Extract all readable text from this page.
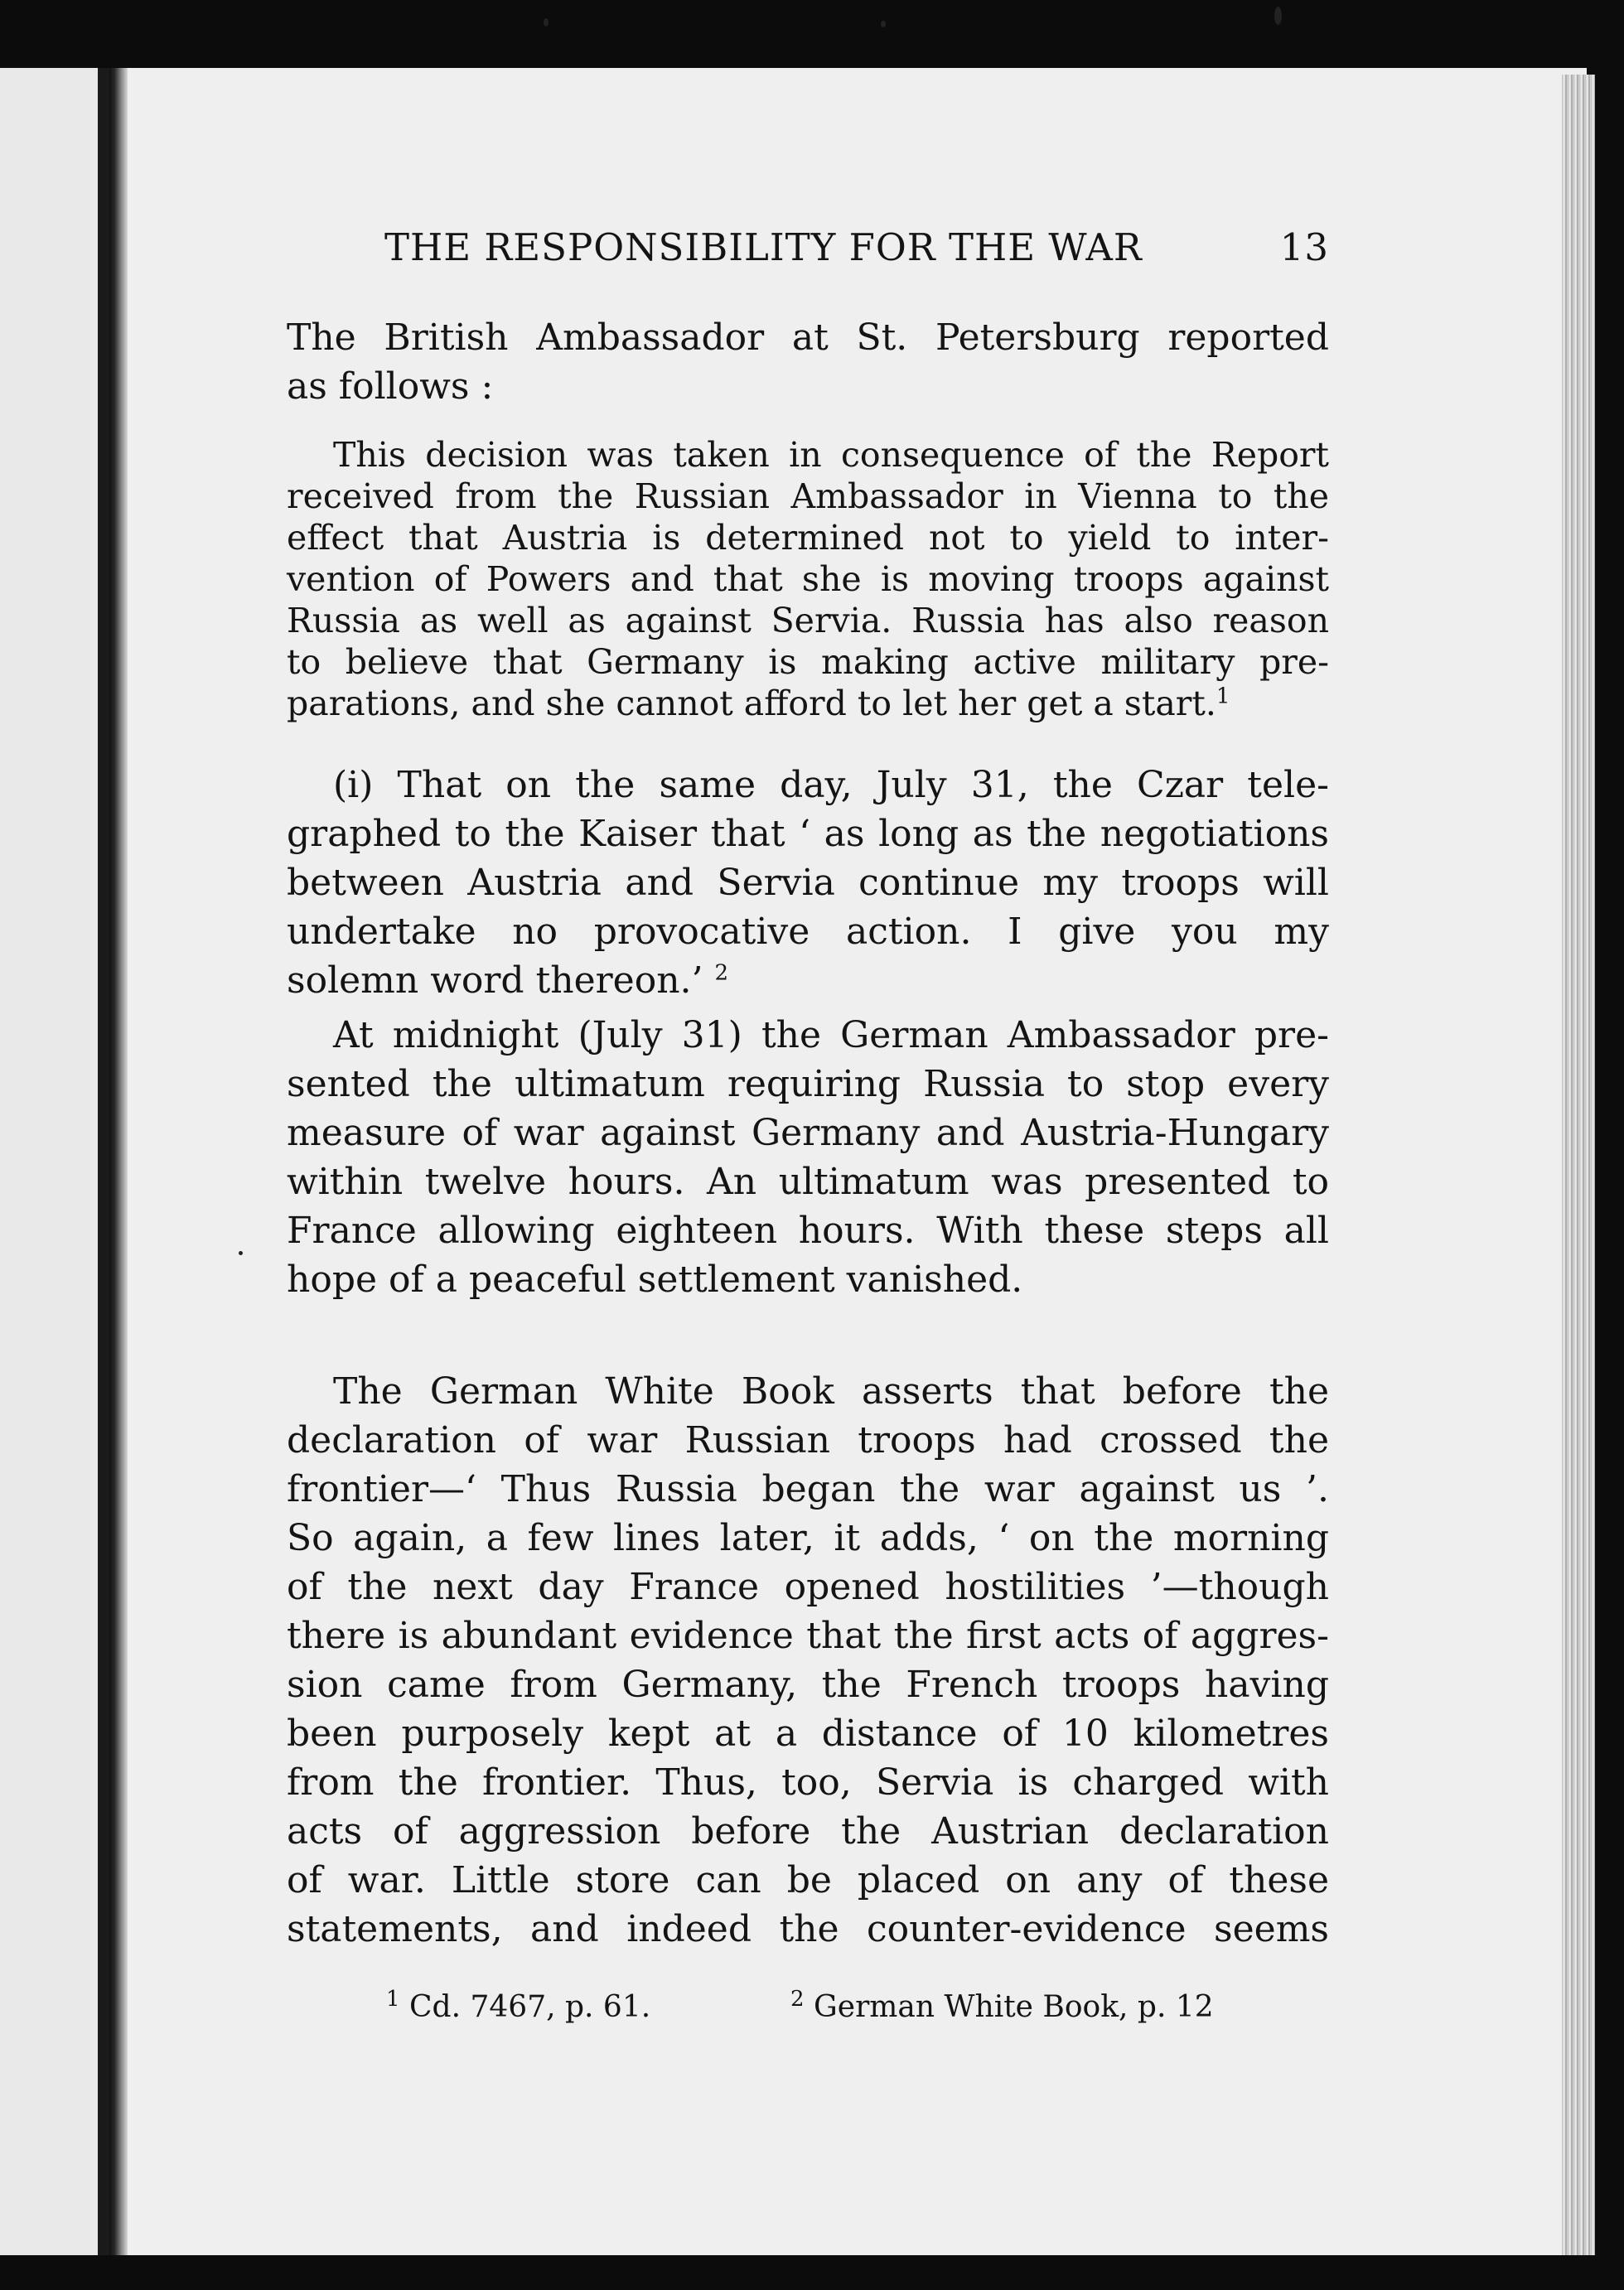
THE RESPONSIBILITY FOR THE WAR	13
The British Ambassador at St. Petersburg reported
as follows :
This decision was taken in consequence of the Report
received from the Russian Ambassador in Vienna to the
effect that Austria is determined not to yield to inter-
vention of Powers and that she is moving troops against
Russia as well as against Servia. Russia has also reason
to believe that Germany is making active military pre-
parations, and she cannot afford to let her get a start.$^1$
(i) That on the same day, July 31, the Czar tele-
graphed to the Kaiser that ‘ as long as the negotiations
between Austria and Servia continue my troops will
undertake no provocative action. I give you my
solemn word thereon.’ $^2$
At midnight (July 31) the German Ambassador pre-
sented the ultimatum requiring Russia to stop every
measure of war against Germany and Austria-Hungary
within twelve hours. An ultimatum was presented to
France allowing eighteen hours. With these steps all
hope of a peaceful settlement vanished.
The German White Book asserts that before the
declaration of war Russian troops had crossed the
frontier—‘ Thus Russia began the war against us ’.
So again, a few lines later, it adds, ‘ on the morning
of the next day France opened hostilities ’—though
there is abundant evidence that the first acts of aggres-
sion came from Germany, the French troops having
been purposely kept at a distance of 10 kilometres
from the frontier. Thus, too, Servia is charged with
acts of aggression before the Austrian declaration
of war. Little store can be placed on any of these
statements, and indeed the counter-evidence seems
$^1$ Cd. 7467, p. 61.	$^2$ German White Book, p. 12
